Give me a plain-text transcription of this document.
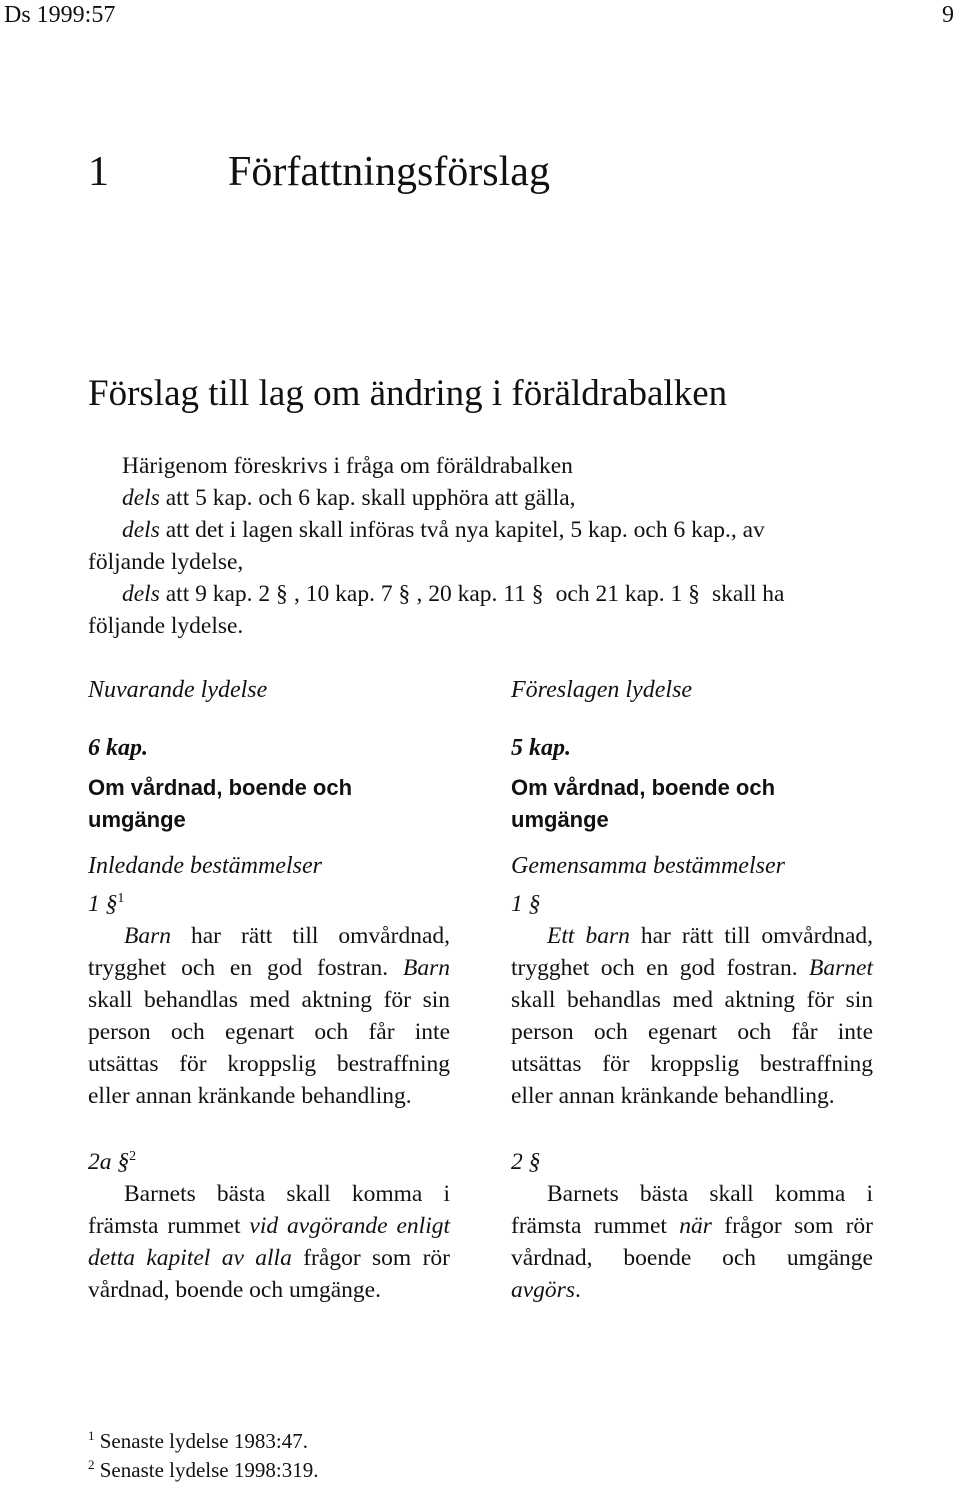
Ds 1999:57	9
1	Författningsförslag
Förslag till lag om ändring i föräldrabalken
Härigenom föreskrivs i fråga om föräldrabalken
dels att 5 kap. och 6 kap. skall upphöra att gälla,
dels att det i lagen skall införas två nya kapitel, 5 kap. och 6 kap., av
följande lydelse,
dels att 9 kap. 2 § , 10 kap. 7 § , 20 kap. 11 § och 21 kap. 1 § skall ha
följande lydelse.
Nuvarande lydelse
6 kap.
Om vårdnad, boende och umgänge
Inledande bestämmelser
1 §$^1$
Barn har rätt till omvårdnad, trygghet och en god fostran. Barn skall behandlas med aktning för sin person och egenart och får inte utsättas för kroppslig bestraffning eller annan kränkande behandling.
2a §$^2$
Barnets bästa skall komma i främsta rummet vid avgörande enligt detta kapitel av alla frågor som rör vårdnad, boende och umgänge.
Föreslagen lydelse
5 kap.
Om vårdnad, boende och umgänge
Gemensamma bestämmelser
1 §
Ett barn har rätt till omvårdnad, trygghet och en god fostran. Barnet skall behandlas med aktning för sin person och egenart och får inte utsättas för kroppslig bestraffning eller annan kränkande behandling.
2 §
Barnets bästa skall komma i främsta rummet när frågor som rör vårdnad, boende och umgänge avgörs.
$^1$ Senaste lydelse 1983:47.
$^2$ Senaste lydelse 1998:319.
